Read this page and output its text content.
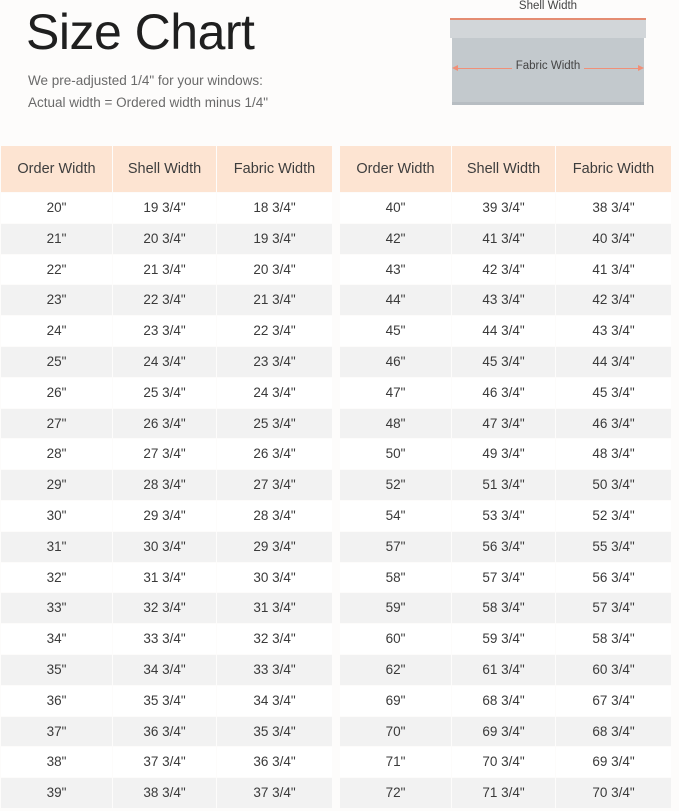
Size Chart
We pre-adjusted 1/4" for your windows:
Actual width = Ordered width minus 1/4"
Shell Width
Fabric Width
Order Width	Shell Width	Fabric Width
20"	19 3/4"	18 3/4"
21"	20 3/4"	19 3/4"
22"	21 3/4"	20 3/4"
23"	22 3/4"	21 3/4"
24"	23 3/4"	22 3/4"
25"	24 3/4"	23 3/4"
26"	25 3/4"	24 3/4"
27"	26 3/4"	25 3/4"
28"	27 3/4"	26 3/4"
29"	28 3/4"	27 3/4"
30"	29 3/4"	28 3/4"
31"	30 3/4"	29 3/4"
32"	31 3/4"	30 3/4"
33"	32 3/4"	31 3/4"
34"	33 3/4"	32 3/4"
35"	34 3/4"	33 3/4"
36"	35 3/4"	34 3/4"
37"	36 3/4"	35 3/4"
38"	37 3/4"	36 3/4"
39"	38 3/4"	37 3/4"
Order Width	Shell Width	Fabric Width
40"	39 3/4"	38 3/4"
42"	41 3/4"	40 3/4"
43"	42 3/4"	41 3/4"
44"	43 3/4"	42 3/4"
45"	44 3/4"	43 3/4"
46"	45 3/4"	44 3/4"
47"	46 3/4"	45 3/4"
48"	47 3/4"	46 3/4"
50"	49 3/4"	48 3/4"
52"	51 3/4"	50 3/4"
54"	53 3/4"	52 3/4"
57"	56 3/4"	55 3/4"
58"	57 3/4"	56 3/4"
59"	58 3/4"	57 3/4"
60"	59 3/4"	58 3/4"
62"	61 3/4"	60 3/4"
69"	68 3/4"	67 3/4"
70"	69 3/4"	68 3/4"
71"	70 3/4"	69 3/4"
72"	71 3/4"	70 3/4"
